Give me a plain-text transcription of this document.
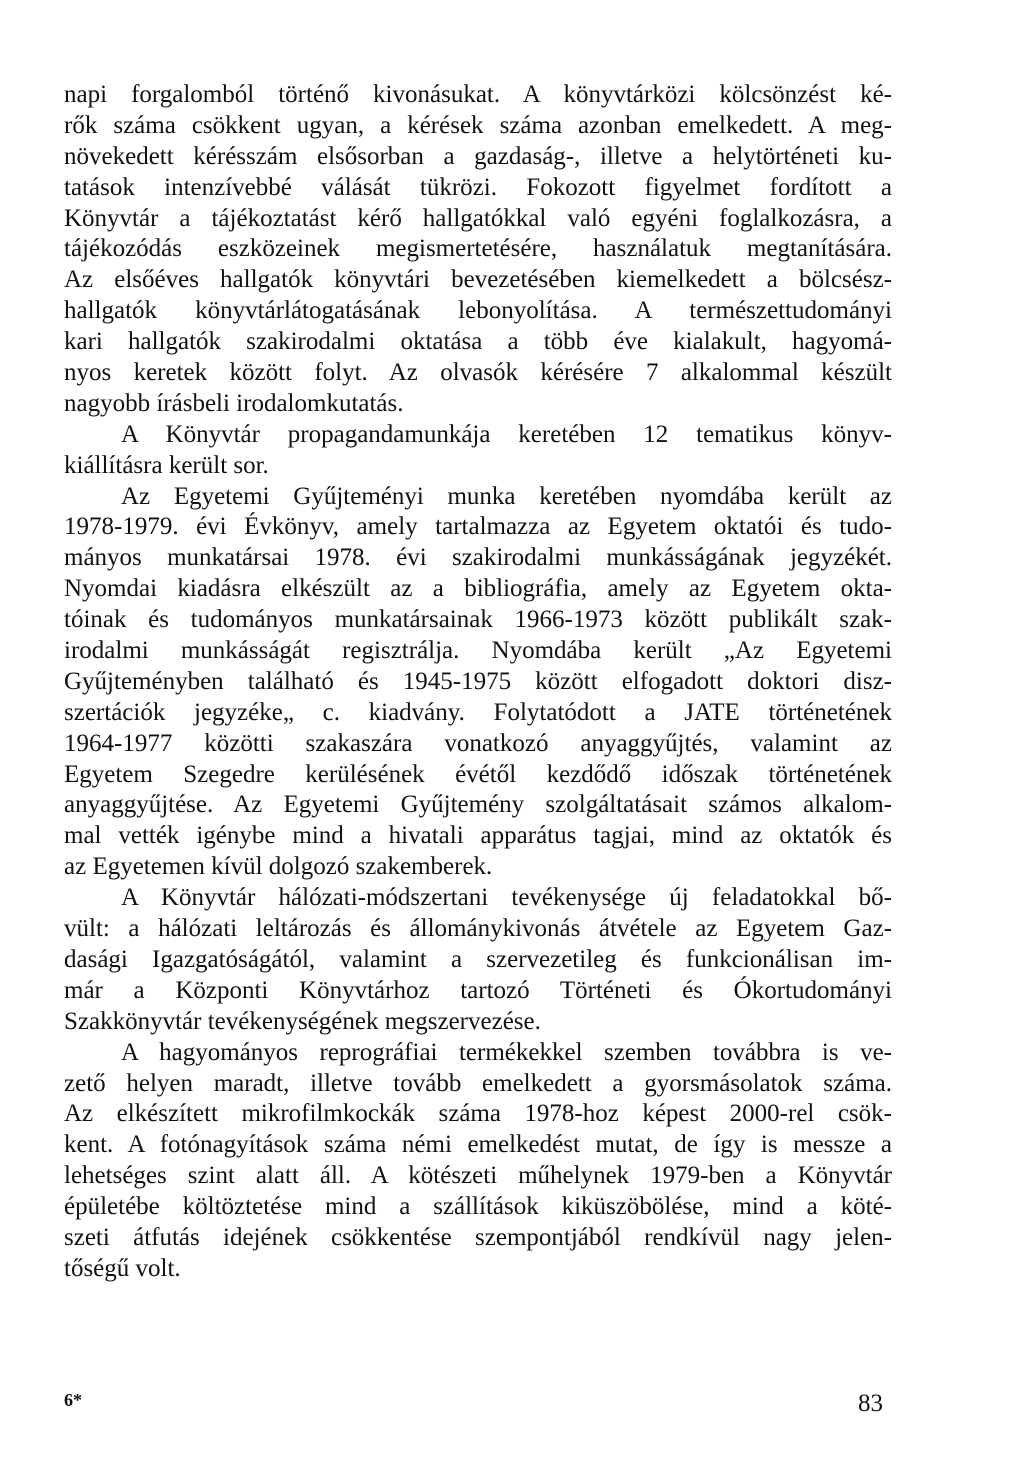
napi forgalomból történő kivonásukat. A könyvtárközi kölcsönzést ké-
rők száma csökkent ugyan, a kérések száma azonban emelkedett. A meg-
növekedett kérésszám elsősorban a gazdaság-, illetve a helytörténeti ku-
tatások intenzívebbé válását tükrözi. Fokozott figyelmet fordított a
Könyvtár a tájékoztatást kérő hallgatókkal való egyéni foglalkozásra, a
tájékozódás eszközeinek megismertetésére, használatuk megtanítására.
Az elsőéves hallgatók könyvtári bevezetésében kiemelkedett a bölcsész-
hallgatók könyvtárlátogatásának lebonyolítása. A természettudományi
kari hallgatók szakirodalmi oktatása a több éve kialakult, hagyomá-
nyos keretek között folyt. Az olvasók kérésére 7 alkalommal készült
nagyobb írásbeli irodalomkutatás.
A Könyvtár propagandamunkája keretében 12 tematikus könyv-
kiállításra került sor.
Az Egyetemi Gyűjteményi munka keretében nyomdába került az
1978-1979. évi Évkönyv, amely tartalmazza az Egyetem oktatói és tudo-
mányos munkatársai 1978. évi szakirodalmi munkásságának jegyzékét.
Nyomdai kiadásra elkészült az a bibliográfia, amely az Egyetem okta-
tóinak és tudományos munkatársainak 1966-1973 között publikált szak-
irodalmi munkásságát regisztrálja. Nyomdába került „Az Egyetemi
Gyűjteményben található és 1945-1975 között elfogadott doktori disz-
szertációk jegyzéke„ c. kiadvány. Folytatódott a JATE történetének
1964-1977 közötti szakaszára vonatkozó anyaggyűjtés, valamint az
Egyetem Szegedre kerülésének évétől kezdődő időszak történetének
anyaggyűjtése. Az Egyetemi Gyűjtemény szolgáltatásait számos alkalom-
mal vették igénybe mind a hivatali apparátus tagjai, mind az oktatók és
az Egyetemen kívül dolgozó szakemberek.
A Könyvtár hálózati-módszertani tevékenysége új feladatokkal bő-
vült: a hálózati leltározás és állománykivonás átvétele az Egyetem Gaz-
dasági Igazgatóságától, valamint a szervezetileg és funkcionálisan im-
már a Központi Könyvtárhoz tartozó Történeti és Ókortudományi
Szakkönyvtár tevékenységének megszervezése.
A hagyományos reprográfiai termékekkel szemben továbbra is ve-
zető helyen maradt, illetve tovább emelkedett a gyorsmásolatok száma.
Az elkészített mikrofilmkockák száma 1978-hoz képest 2000-rel csök-
kent. A fotónagyítások száma némi emelkedést mutat, de így is messze a
lehetséges szint alatt áll. A kötészeti műhelynek 1979-ben a Könyvtár
épületébe költöztetése mind a szállítások kiküszöbölése, mind a köté-
szeti átfutás idejének csökkentése szempontjából rendkívül nagy jelen-
tőségű volt.
6*	83
